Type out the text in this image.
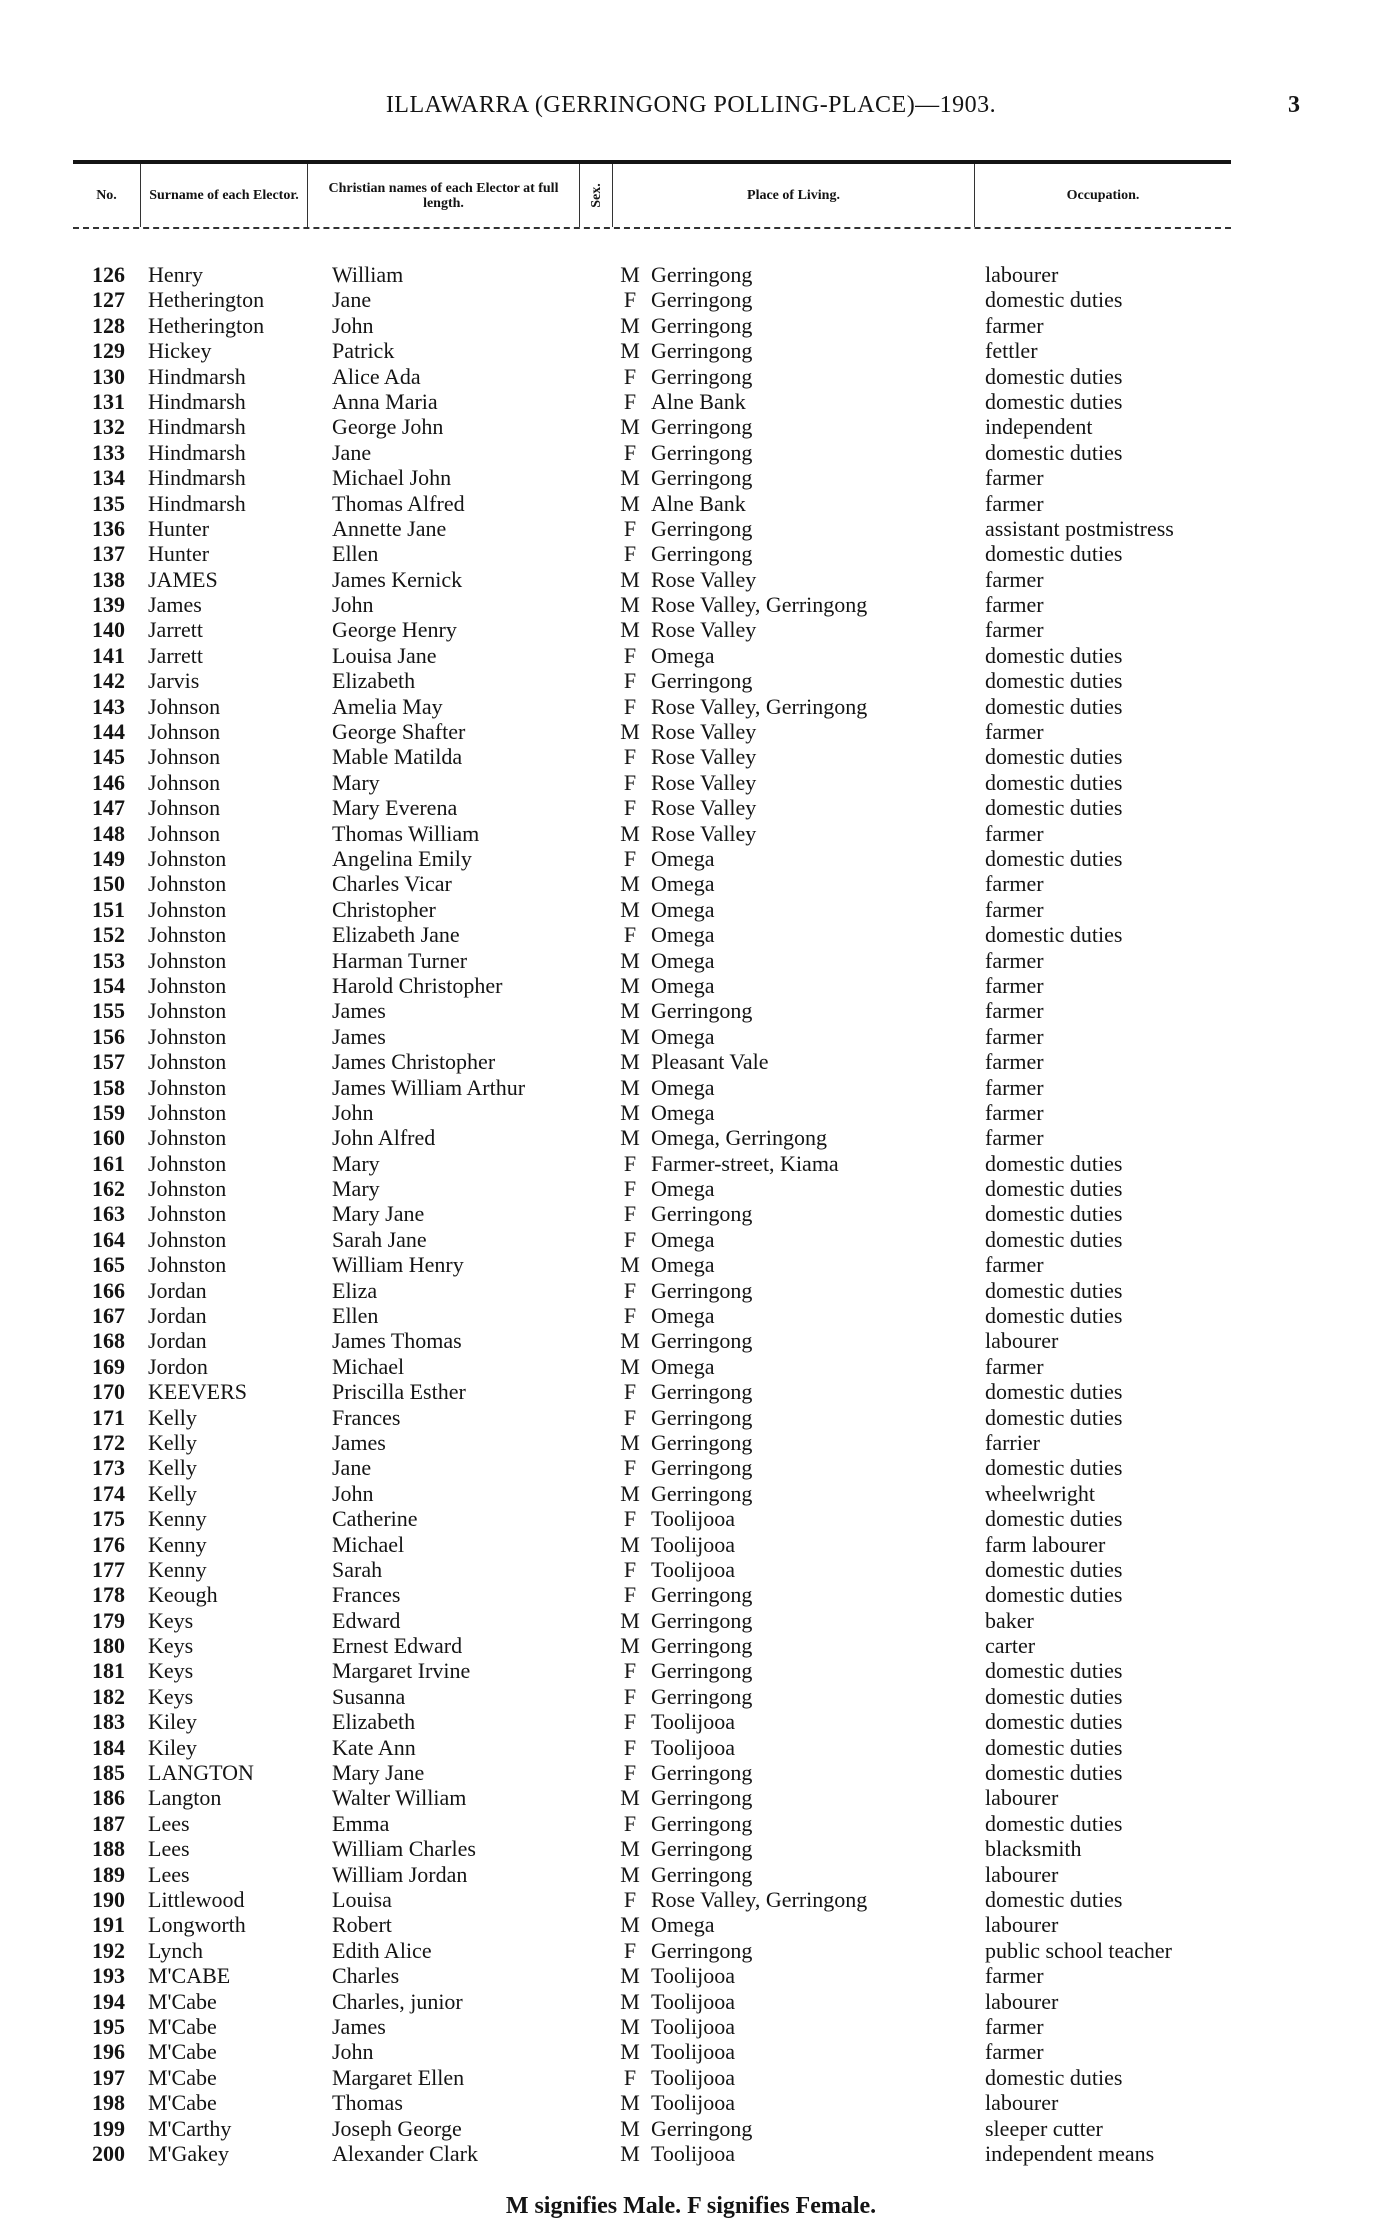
ILLAWARRA (GERRINGONG POLLING-PLACE)—1903.	3
No.	Surname of each Elector.	Christian names of each Elector at full length.	Sex.	Place of Living.	Occupation.
126 Henry	William	M Gerringong	labourer
127 Hetherington	Jane	F Gerringong	domestic duties
128 Hetherington	John	M Gerringong	farmer
129 Hickey	Patrick	M Gerringong	fettler
130 Hindmarsh	Alice Ada	F Gerringong	domestic duties
131 Hindmarsh	Anna Maria	F Alne Bank	domestic duties
132 Hindmarsh	George John	M Gerringong	independent
133 Hindmarsh	Jane	F Gerringong	domestic duties
134 Hindmarsh	Michael John	M Gerringong	farmer
135 Hindmarsh	Thomas Alfred	M Alne Bank	farmer
136 Hunter	Annette Jane	F Gerringong	assistant postmistress
137 Hunter	Ellen	F Gerringong	domestic duties
138 JAMES	James Kernick	M Rose Valley	farmer
139 James	John	M Rose Valley, Gerringong	farmer
140 Jarrett	George Henry	M Rose Valley	farmer
141 Jarrett	Louisa Jane	F Omega	domestic duties
142 Jarvis	Elizabeth	F Gerringong	domestic duties
143 Johnson	Amelia May	F Rose Valley, Gerringong	domestic duties
144 Johnson	George Shafter	M Rose Valley	farmer
145 Johnson	Mable Matilda	F Rose Valley	domestic duties
146 Johnson	Mary	F Rose Valley	domestic duties
147 Johnson	Mary Everena	F Rose Valley	domestic duties
148 Johnson	Thomas William	M Rose Valley	farmer
149 Johnston	Angelina Emily	F Omega	domestic duties
150 Johnston	Charles Vicar	M Omega	farmer
151 Johnston	Christopher	M Omega	farmer
152 Johnston	Elizabeth Jane	F Omega	domestic duties
153 Johnston	Harman Turner	M Omega	farmer
154 Johnston	Harold Christopher	M Omega	farmer
155 Johnston	James	M Gerringong	farmer
156 Johnston	James	M Omega	farmer
157 Johnston	James Christopher	M Pleasant Vale	farmer
158 Johnston	James William Arthur	M Omega	farmer
159 Johnston	John	M Omega	farmer
160 Johnston	John Alfred	M Omega, Gerringong	farmer
161 Johnston	Mary	F Farmer-street, Kiama	domestic duties
162 Johnston	Mary	F Omega	domestic duties
163 Johnston	Mary Jane	F Gerringong	domestic duties
164 Johnston	Sarah Jane	F Omega	domestic duties
165 Johnston	William Henry	M Omega	farmer
166 Jordan	Eliza	F Gerringong	domestic duties
167 Jordan	Ellen	F Omega	domestic duties
168 Jordan	James Thomas	M Gerringong	labourer
169 Jordon	Michael	M Omega	farmer
170 KEEVERS	Priscilla Esther	F Gerringong	domestic duties
171 Kelly	Frances	F Gerringong	domestic duties
172 Kelly	James	M Gerringong	farrier
173 Kelly	Jane	F Gerringong	domestic duties
174 Kelly	John	M Gerringong	wheelwright
175 Kenny	Catherine	F Toolijooa	domestic duties
176 Kenny	Michael	M Toolijooa	farm labourer
177 Kenny	Sarah	F Toolijooa	domestic duties
178 Keough	Frances	F Gerringong	domestic duties
179 Keys	Edward	M Gerringong	baker
180 Keys	Ernest Edward	M Gerringong	carter
181 Keys	Margaret Irvine	F Gerringong	domestic duties
182 Keys	Susanna	F Gerringong	domestic duties
183 Kiley	Elizabeth	F Toolijooa	domestic duties
184 Kiley	Kate Ann	F Toolijooa	domestic duties
185 LANGTON	Mary Jane	F Gerringong	domestic duties
186 Langton	Walter William	M Gerringong	labourer
187 Lees	Emma	F Gerringong	domestic duties
188 Lees	William Charles	M Gerringong	blacksmith
189 Lees	William Jordan	M Gerringong	labourer
190 Littlewood	Louisa	F Rose Valley, Gerringong	domestic duties
191 Longworth	Robert	M Omega	labourer
192 Lynch	Edith Alice	F Gerringong	public school teacher
193 M'CABE	Charles	M Toolijooa	farmer
194 M'Cabe	Charles, junior	M Toolijooa	labourer
195 M'Cabe	James	M Toolijooa	farmer
196 M'Cabe	John	M Toolijooa	farmer
197 M'Cabe	Margaret Ellen	F Toolijooa	domestic duties
198 M'Cabe	Thomas	M Toolijooa	labourer
199 M'Carthy	Joseph George	M Gerringong	sleeper cutter
200 M'Gakey	Alexander Clark	M Toolijooa	independent means
M signifies Male. F signifies Female.
